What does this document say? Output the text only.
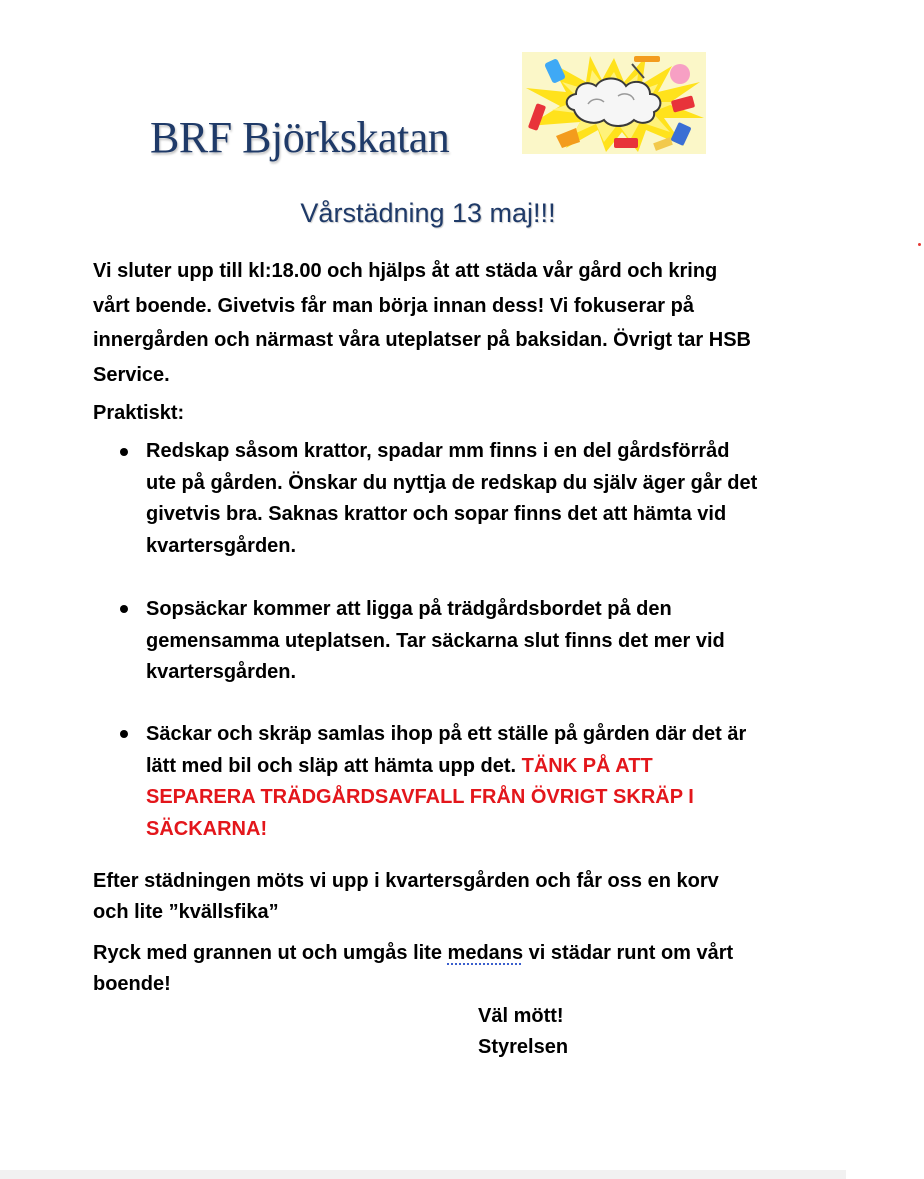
BRF Björkskatan
Vårstädning 13 maj!!!
Vi sluter upp till kl:18.00 och hjälps åt att städa vår gård och kring vårt boende. Givetvis får man börja innan dess! Vi fokuserar på innergården och närmast våra uteplatser på baksidan. Övrigt tar HSB Service.
Praktiskt:
Redskap såsom krattor, spadar mm finns i en del gårdsförråd ute på gården. Önskar du nyttja de redskap du själv äger går det givetvis bra. Saknas krattor och sopar finns det att hämta vid kvartersgården.
Sopsäckar kommer att ligga på trädgårdsbordet på den gemensamma uteplatsen. Tar säckarna slut finns det mer vid kvartersgården.
Säckar och skräp samlas ihop på ett ställe på gården där det är lätt med bil och släp att hämta upp det. TÄNK PÅ ATT SEPARERA TRÄDGÅRDSAVFALL FRÅN ÖVRIGT SKRÄP I SÄCKARNA!
Efter städningen möts vi upp i kvartersgården och får oss en korv och lite ”kvällsfika”
Ryck med grannen ut och umgås lite medans vi städar runt om vårt boende!
Väl mött!
Styrelsen
